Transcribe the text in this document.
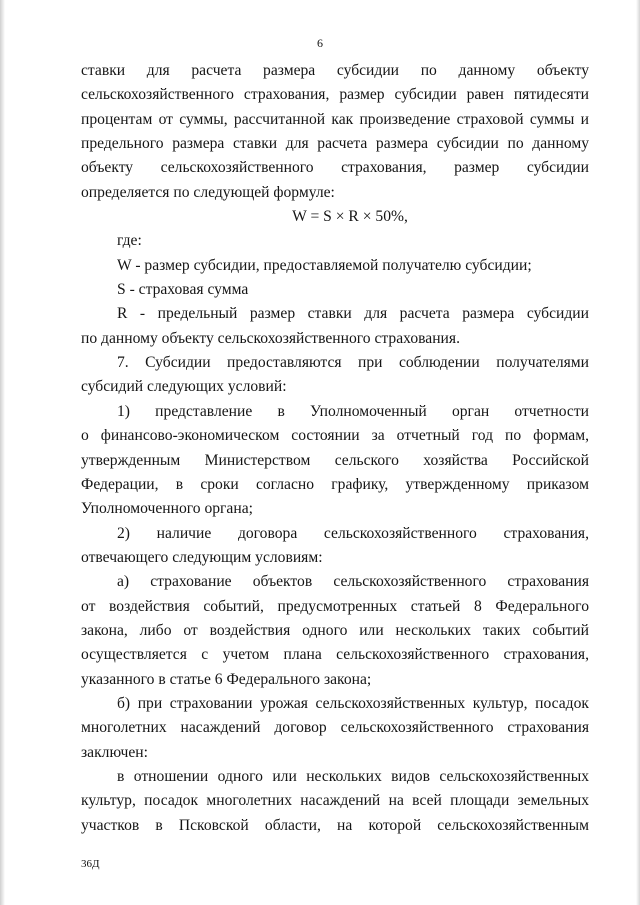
6
ставки для расчета размера субсидии по данному объекту
сельскохозяйственного страхования, размер субсидии равен пятидесяти
процентам от суммы, рассчитанной как произведение страховой суммы и
предельного размера ставки для расчета размера субсидии по данному
объекту сельскохозяйственного страхования, размер субсидии
определяется по следующей формуле:
W = S × R × 50%,
где:
W - размер субсидии, предоставляемой получателю субсидии;
S - страховая сумма
R - предельный размер ставки для расчета размера субсидии
по данному объекту сельскохозяйственного страхования.
7. Субсидии предоставляются при соблюдении получателями
субсидий следующих условий:
1) представление в Уполномоченный орган отчетности
о финансово-экономическом состоянии за отчетный год по формам,
утвержденным Министерством сельского хозяйства Российской
Федерации, в сроки согласно графику, утвержденному приказом
Уполномоченного органа;
2) наличие договора сельскохозяйственного страхования,
отвечающего следующим условиям:
а) страхование объектов сельскохозяйственного страхования
от воздействия событий, предусмотренных статьей 8 Федерального
закона, либо от воздействия одного или нескольких таких событий
осуществляется с учетом плана сельскохозяйственного страхования,
указанного в статье 6 Федерального закона;
б) при страховании урожая сельскохозяйственных культур, посадок
многолетних насаждений договор сельскохозяйственного страхования
заключен:
в отношении одного или нескольких видов сельскохозяйственных
культур, посадок многолетних насаждений на всей площади земельных
участков в Псковской области, на которой сельскохозяйственным
36Д
